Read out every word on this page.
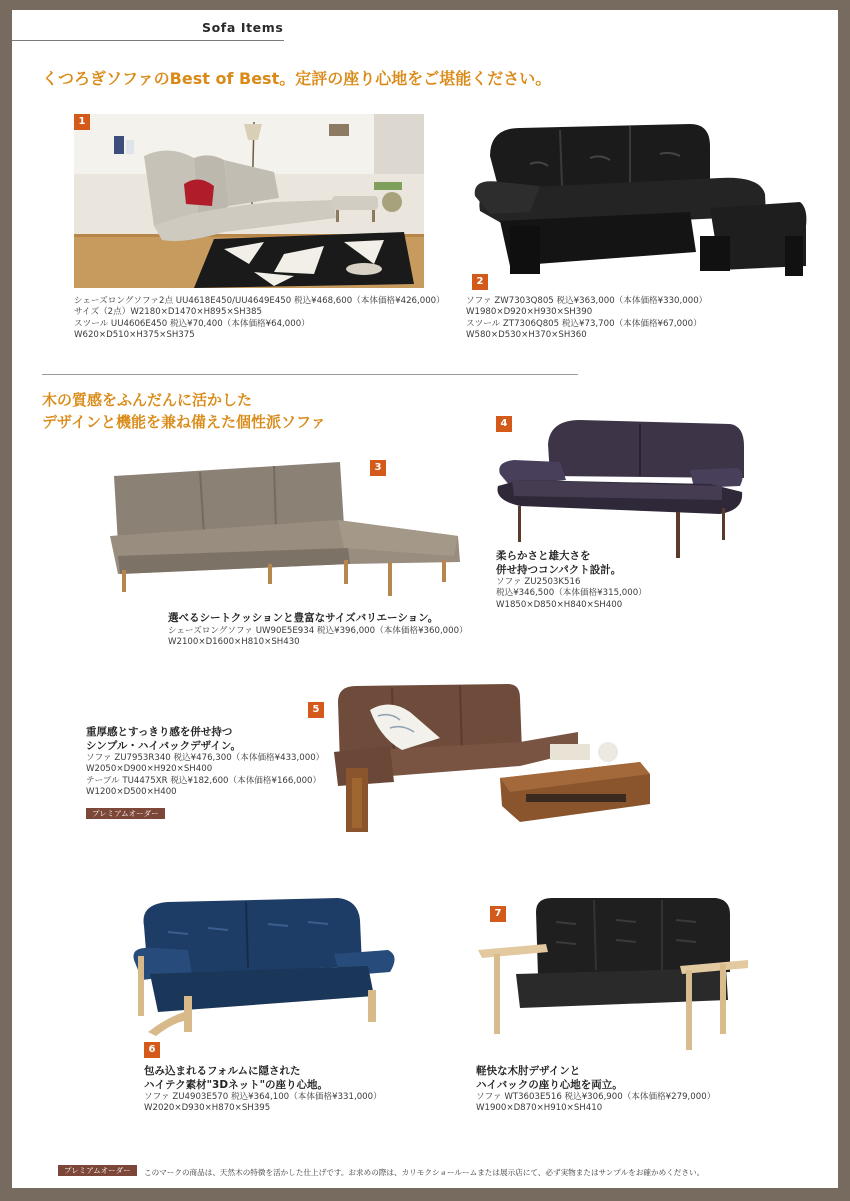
Sofa Items
くつろぎソファのBest of Best。定評の座り心地をご堪能ください。
1
シェーズロングソファ2点 UU4618E450/UU4649E450 税込¥468,600（本体価格¥426,000）
サイズ（2点）W2180×D1470×H895×SH385
スツール UU4606E450 税込¥70,400（本体価格¥64,000）
W620×D510×H375×SH375
2
ソファ ZW7303Q805 税込¥363,000（本体価格¥330,000）
W1980×D920×H930×SH390
スツール ZT7306Q805 税込¥73,700（本体価格¥67,000）
W580×D530×H370×SH360
木の質感をふんだんに活かした
デザインと機能を兼ね備えた個性派ソファ
3
選べるシートクッションと豊富なサイズバリエーション。
シェーズロングソファ UW90E5E934 税込¥396,000（本体価格¥360,000）
W2100×D1600×H810×SH430
4
柔らかさと雄大さを
併せ持つコンパクト設計。
ソファ ZU2503K516
税込¥346,500（本体価格¥315,000）
W1850×D850×H840×SH400
5
重厚感とすっきり感を併せ持つ
シンプル・ハイバックデザイン。
ソファ ZU7953R340 税込¥476,300（本体価格¥433,000）
W2050×D900×H920×SH400
テーブル TU4475XR 税込¥182,600（本体価格¥166,000）
W1200×D500×H400
プレミアムオーダー
6
包み込まれるフォルムに隠された
ハイテク素材"3Dネット"の座り心地。
ソファ ZU4903E570 税込¥364,100（本体価格¥331,000）
W2020×D930×H870×SH395
7
軽快な木肘デザインと
ハイバックの座り心地を両立。
ソファ WT3603E516 税込¥306,900（本体価格¥279,000）
W1900×D870×H910×SH410
プレミアムオーダー	このマークの商品は、天然木の特徴を活かした仕上げです。お求めの際は、カリモクショールームまたは展示店にて、必ず実物またはサンプルをお確かめください。
